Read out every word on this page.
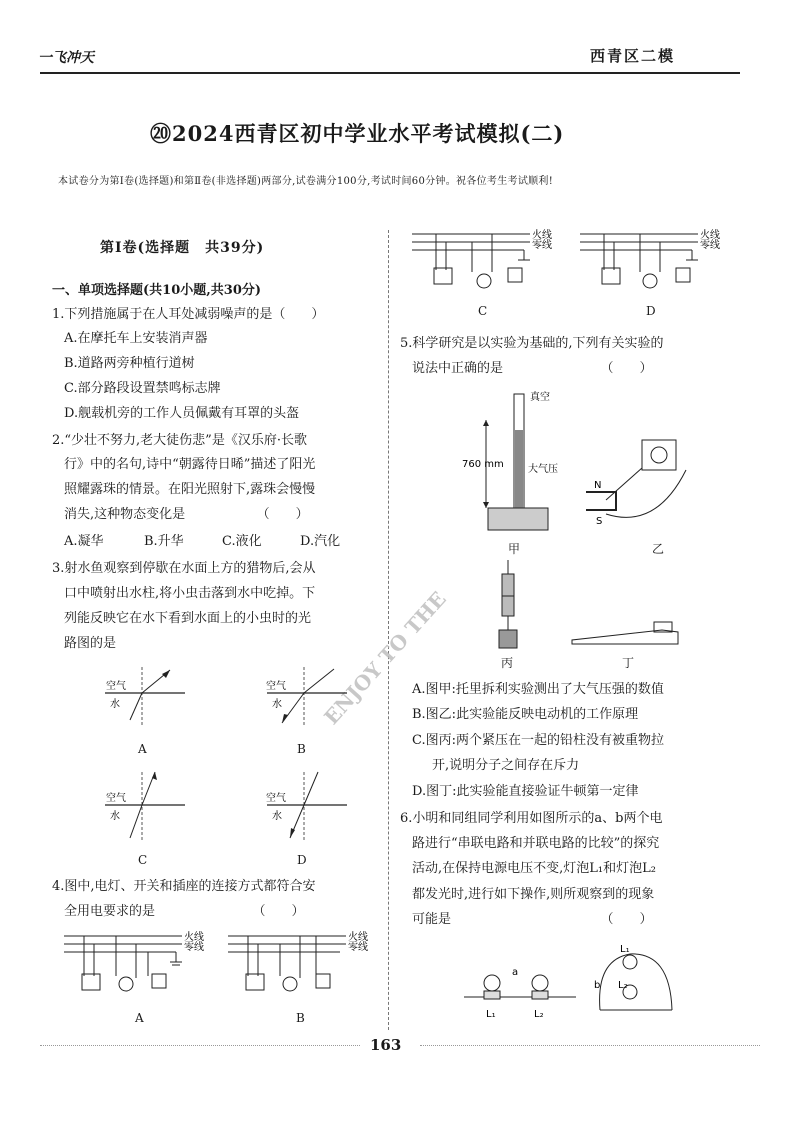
一飞冲天	西青区二模
⑳2024西青区初中学业水平考试模拟(二)
本试卷分为第Ⅰ卷(选择题)和第Ⅱ卷(非选择题)两部分,试卷满分100分,考试时间60分钟。祝各位考生考试顺利!
ENJOY TO THE
第Ⅰ卷(选择题　共39分)
一、单项选择题(共10小题,共30分)
1.下列措施属于在人耳处减弱噪声的是（　　）
A.在摩托车上安装消声器
B.道路两旁种植行道树
C.部分路段设置禁鸣标志牌
D.舰载机旁的工作人员佩戴有耳罩的头盔
2.“少壮不努力,老大徒伤悲”是《汉乐府·长歌
行》中的名句,诗中“朝露待日晞”描述了阳光
照耀露珠的情景。在阳光照射下,露珠会慢慢
消失,这种物态变化是　　　　　　（　　）
A.凝华	B.升华	C.液化	D.汽化
3.射水鱼观察到停歇在水面上方的猎物后,会从
口中喷射出水柱,将小虫击落到水中吃掉。下
列能反映它在水下看到水面上的小虫时的光
路图的是
空气
水
A
空气
水
B
空气
水
C
空气
水
D
4.图中,电灯、开关和插座的连接方式都符合安
全用电要求的是　　　　　　　　（　　）
火线
零线
A
火线
零线
B
火线
零线
C
火线
零线
D
5.科学研究是以实验为基础的,下列有关实验的
说法中正确的是　　　　　　　　（　　）
真空
760 mm 大气压
甲
N
S
乙
丙	丁
A.图甲:托里拆利实验测出了大气压强的数值
B.图乙:此实验能反映电动机的工作原理
C.图丙:两个紧压在一起的铅柱没有被重物拉
开,说明分子之间存在斥力
D.图丁:此实验能直接验证牛顿第一定律
6.小明和同组同学利用如图所示的a、b两个电
路进行“串联电路和并联电路的比较”的探究
活动,在保持电源电压不变,灯泡L₁和灯泡L₂
都发光时,进行如下操作,则所观察到的现象
可能是　　　　　　　　　　　　（　　）
a
L₁	L₂
L₁
L₂
b
163
